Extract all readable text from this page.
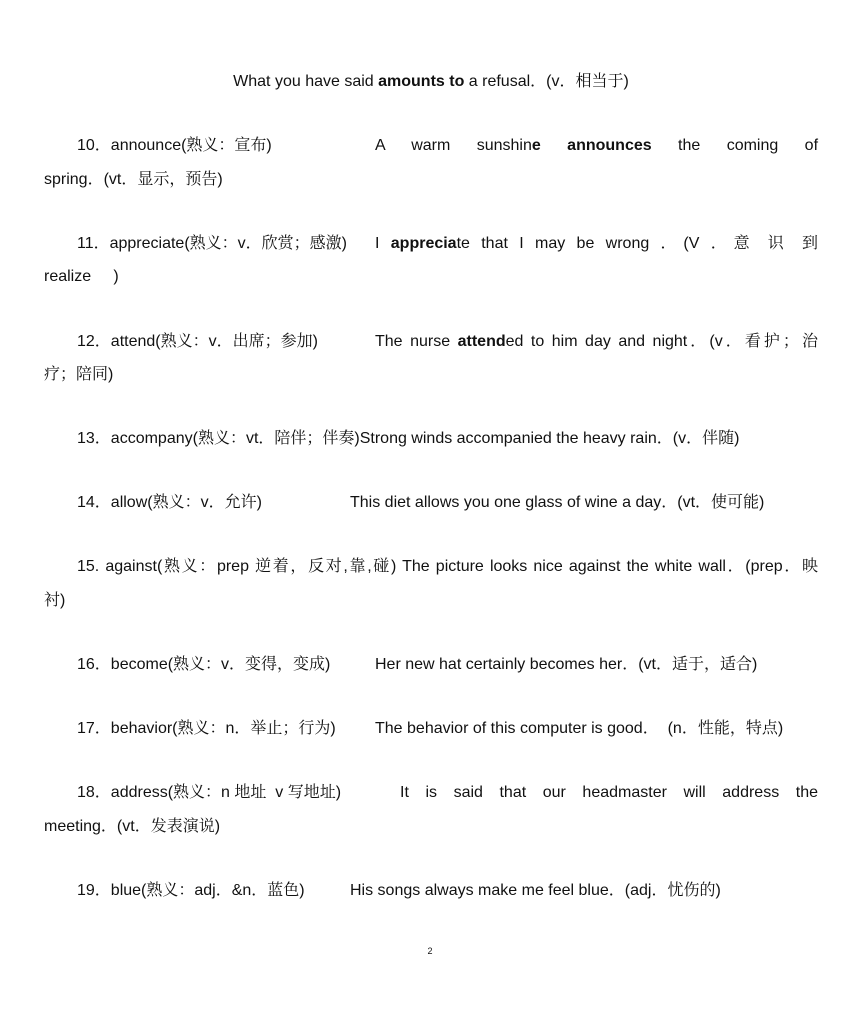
What you have said amounts to a refusal．(v．相当于)
10．announce(熟义：宣布)	A warm sunshine announces the coming of
spring．(vt．显示，预告)
11．appreciate(熟义：v．欣赏；感激) I appreciate that I may be wrong ．(V ．意 识 到
realize     )
12．attend(熟义：v．出席；参加)	The nurse attended to him day and night．(v．看护；治
疗；陪同)
13．accompany(熟义：vt．陪伴；伴奏)Strong winds accompanied the heavy rain．(v．伴随)
14．allow(熟义：v．允许)	This diet allows you one glass of wine a day．(vt．使可能)
15. against(熟义：prep 逆着，反对,靠,碰) The picture looks nice against the white wall．(prep．映
衬)
16．become(熟义：v．变得，变成)	Her new hat certainly becomes her．(vt．适于，适合)
17．behavior(熟义：n．举止；行为) The behavior of this computer is good．  (n．性能，特点)
18．address(熟义：n 地址  v 写地址)	It is said that our headmaster will address the
meeting．(vt．发表演说)
19．blue(熟义：adj．&n．蓝色)	His songs always make me feel blue．(adj．忧伤的)
2
